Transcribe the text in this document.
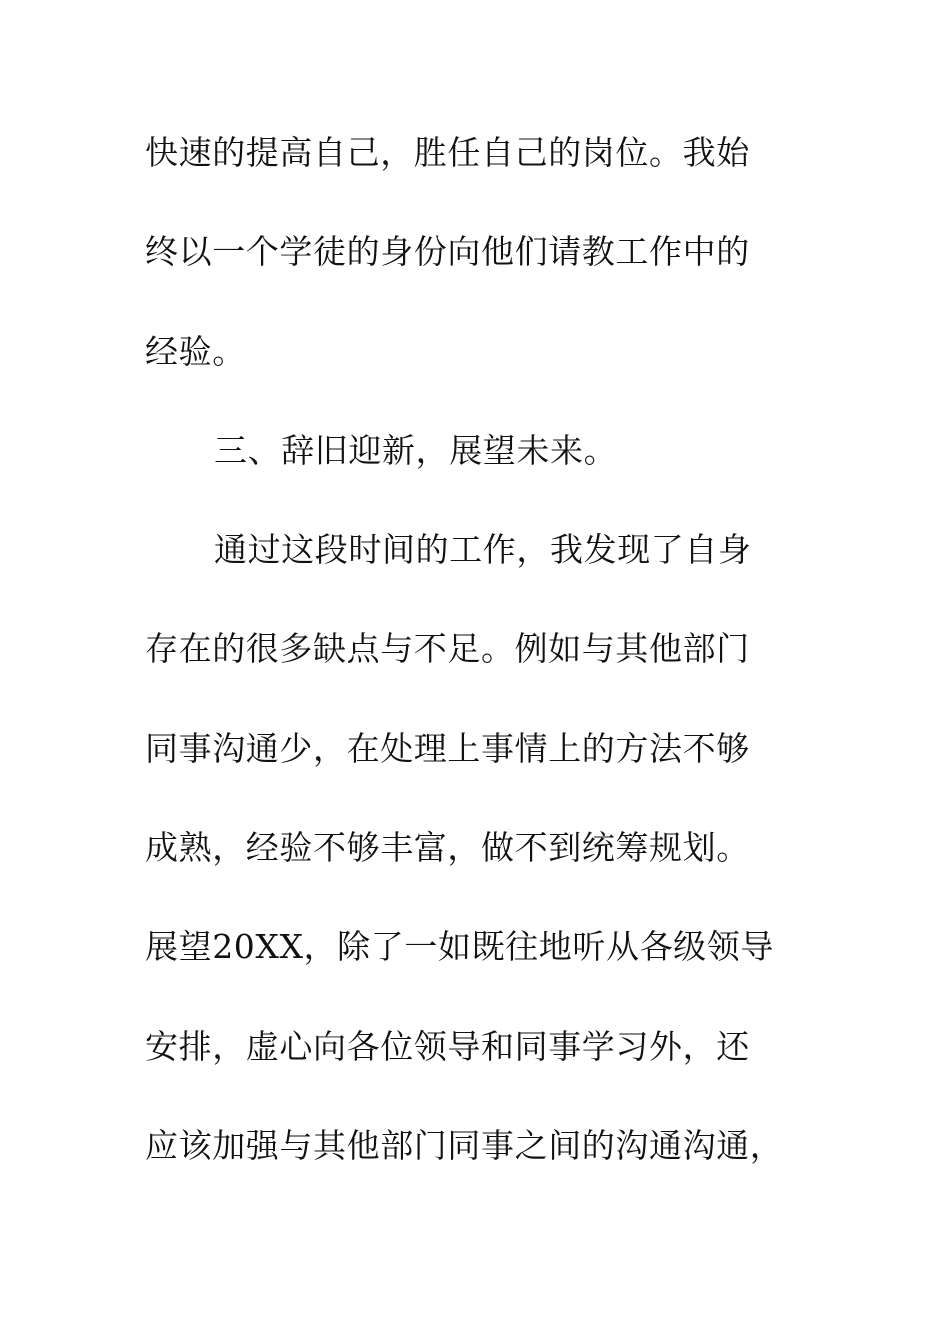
快速的提高自己，胜任自己的岗位。我始

终以一个学徒的身份向他们请教工作中的

经验。

三、辞旧迎新，展望未来。

通过这段时间的工作，我发现了自身

存在的很多缺点与不足。例如与其他部门

同事沟通少，在处理上事情上的方法不够

成熟，经验不够丰富，做不到统筹规划。

展望20XX，除了一如既往地听从各级领导

安排，虚心向各位领导和同事学习外，还

应该加强与其他部门同事之间的沟通沟通，
